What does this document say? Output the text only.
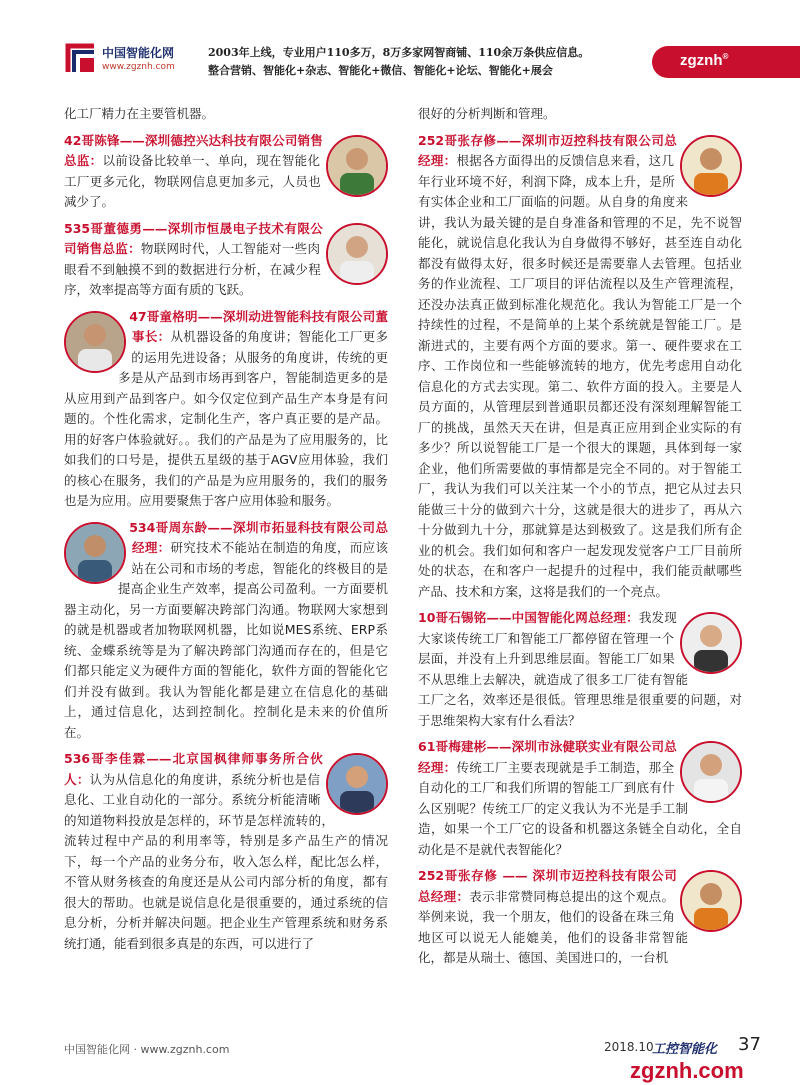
中国智能化网
www.zgznh.com
2003年上线，专业用户110多万，8万多家网智商铺、110余万条供应信息。
整合营销、智能化+杂志、智能化+微信、智能化+论坛、智能化+展会
zgznh®

化工厂精力在主要管机器。

42哥陈锋——深圳德控兴达科技有限公司销售总监：以前设备比较单一、单向，现在智能化工厂更多元化，物联网信息更加多元，人员也减少了。

535哥董德勇——深圳市恒晟电子技术有限公司销售总监：物联网时代，人工智能对一些肉眼看不到触摸不到的数据进行分析，在减少程序，效率提高等方面有质的飞跃。

47哥童格明——深圳动进智能科技有限公司董事长：从机器设备的角度讲；智能化工厂更多的运用先进设备；从服务的角度讲，传统的更多是从产品到市场再到客户，智能制造更多的是从应用到产品到客户。如今仅定位到产品生产本身是有问题的。个性化需求，定制化生产，客户真正要的是产品。用的好客户体验就好。。我们的产品是为了应用服务的，比如我们的口号是，提供五星级的基于AGV应用体验，我们的核心在服务，我们的产品是为应用服务的，我们的服务也是为应用。应用要聚焦于客户应用体验和服务。

534哥周东龄——深圳市拓显科技有限公司总经理：研究技术不能站在制造的角度，而应该站在公司和市场的考虑，智能化的终极目的是提高企业生产效率，提高公司盈利。一方面要机器主动化，另一方面要解决跨部门沟通。物联网大家想到的就是机器或者加物联网机器，比如说MES系统、ERP系统、金蝶系统等是为了解决跨部门沟通而存在的，但是它们都只能定义为硬件方面的智能化，软件方面的智能化它们并没有做到。我认为智能化都是建立在信息化的基础上，通过信息化，达到控制化。控制化是未来的价值所在。

536哥李佳霖——北京国枫律师事务所合伙人：认为从信息化的角度讲，系统分析也是信息化、工业自动化的一部分。系统分析能清晰的知道物料投放是怎样的，环节是怎样流转的，流转过程中产品的利用率等，特别是多产品生产的情况下，每一个产品的业务分布，收入怎么样，配比怎么样，不管从财务核查的角度还是从公司内部分析的角度，都有很大的帮助。也就是说信息化是很重要的，通过系统的信息分析，分析并解决问题。把企业生产管理系统和财务系统打通，能看到很多真是的东西，可以进行了

很好的分析判断和管理。

252哥张存修——深圳市迈控科技有限公司总经理：根据各方面得出的反馈信息来看，这几年行业环境不好，利润下降，成本上升，是所有实体企业和工厂面临的问题。从自身的角度来讲，我认为最关键的是自身准备和管理的不足，先不说智能化，就说信息化我认为自身做得不够好，甚至连自动化都没有做得太好，很多时候还是需要靠人去管理。包括业务的作业流程、工厂项目的评估流程以及生产管理流程，还没办法真正做到标准化规范化。我认为智能工厂是一个持续性的过程，不是简单的上某个系统就是智能工厂。是渐进式的，主要有两个方面的要求。第一、硬件要求在工序、工作岗位和一些能够流转的地方，优先考虑用自动化信息化的方式去实现。第二、软件方面的投入。主要是人员方面的，从管理层到普通职员都还没有深刻理解智能工厂的挑战，虽然天天在讲，但是真正应用到企业实际的有多少？所以说智能工厂是一个很大的课题，具体到每一家企业，他们所需要做的事情都是完全不同的。对于智能工厂，我认为我们可以关注某一个小的节点，把它从过去只能做三十分的做到六十分，这就是很大的进步了，再从六十分做到九十分，那就算是达到极致了。这是我们所有企业的机会。我们如何和客户一起发现发觉客户工厂目前所处的状态，在和客户一起提升的过程中，我们能贡献哪些产品、技术和方案，这将是我们的一个亮点。

10哥石锡铭——中国智能化网总经理：我发现大家谈传统工厂和智能工厂都停留在管理一个层面，并没有上升到思维层面。智能工厂如果不从思维上去解决，就造成了很多工厂徒有智能工厂之名，效率还是很低。管理思维是很重要的问题，对于思维架构大家有什么看法？

61哥梅建彬——深圳市泳健联实业有限公司总经理：传统工厂主要表现就是手工制造，那全自动化的工厂和我们所谓的智能工厂到底有什么区别呢？传统工厂的定义我认为不光是手工制造，如果一个工厂它的设备和机器这条链全自动化，全自动化是不是就代表智能化？

252哥张存修 —— 深圳市迈控科技有限公司总经理：表示非常赞同梅总提出的这个观点。举例来说，我一个朋友，他们的设备在珠三角地区可以说无人能媲美，他们的设备非常智能化，都是从瑞士、德国、美国进口的，一台机

中国智能化网 · www.zgznh.com	2018.10
工控智能化 37
zgznh.com
